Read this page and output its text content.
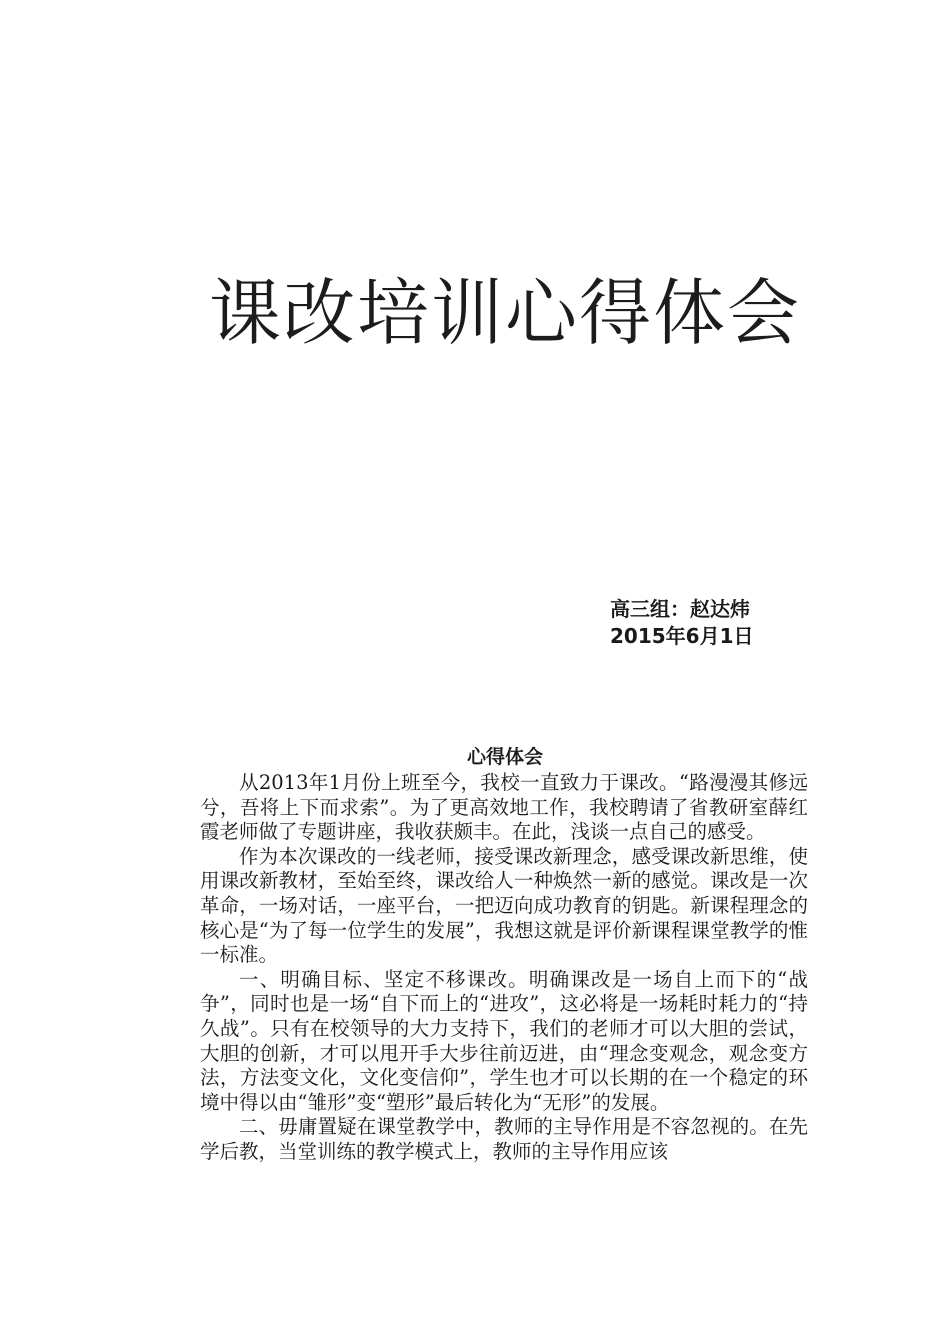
课改培训心得体会
高三组：赵达炜
2015年6月1日
心得体会

从2013年1月份上班至今，我校一直致力于课改。“路漫漫其修远兮，吾将上下而求索”。为了更高效地工作，我校聘请了省教研室薛红霞老师做了专题讲座，我收获颇丰。在此，浅谈一点自己的感受。

作为本次课改的一线老师，接受课改新理念，感受课改新思维，使用课改新教材，至始至终，课改给人一种焕然一新的感觉。课改是一次革命，一场对话，一座平台，一把迈向成功教育的钥匙。新课程理念的核心是“为了每一位学生的发展”，我想这就是评价新课程课堂教学的惟一标准。

一、明确目标、坚定不移课改。明确课改是一场自上而下的“战争”，同时也是一场“自下而上的“进攻”，这必将是一场耗时耗力的“持久战”。只有在校领导的大力支持下，我们的老师才可以大胆的尝试，大胆的创新，才可以甩开手大步往前迈进，由“理念变观念，观念变方法，方法变文化，文化变信仰”，学生也才可以长期的在一个稳定的环境中得以由“雏形”变“塑形”最后转化为“无形”的发展。

二、毋庸置疑在课堂教学中，教师的主导作用是不容忽视的。在先学后教，当堂训练的教学模式上，教师的主导作用应该
